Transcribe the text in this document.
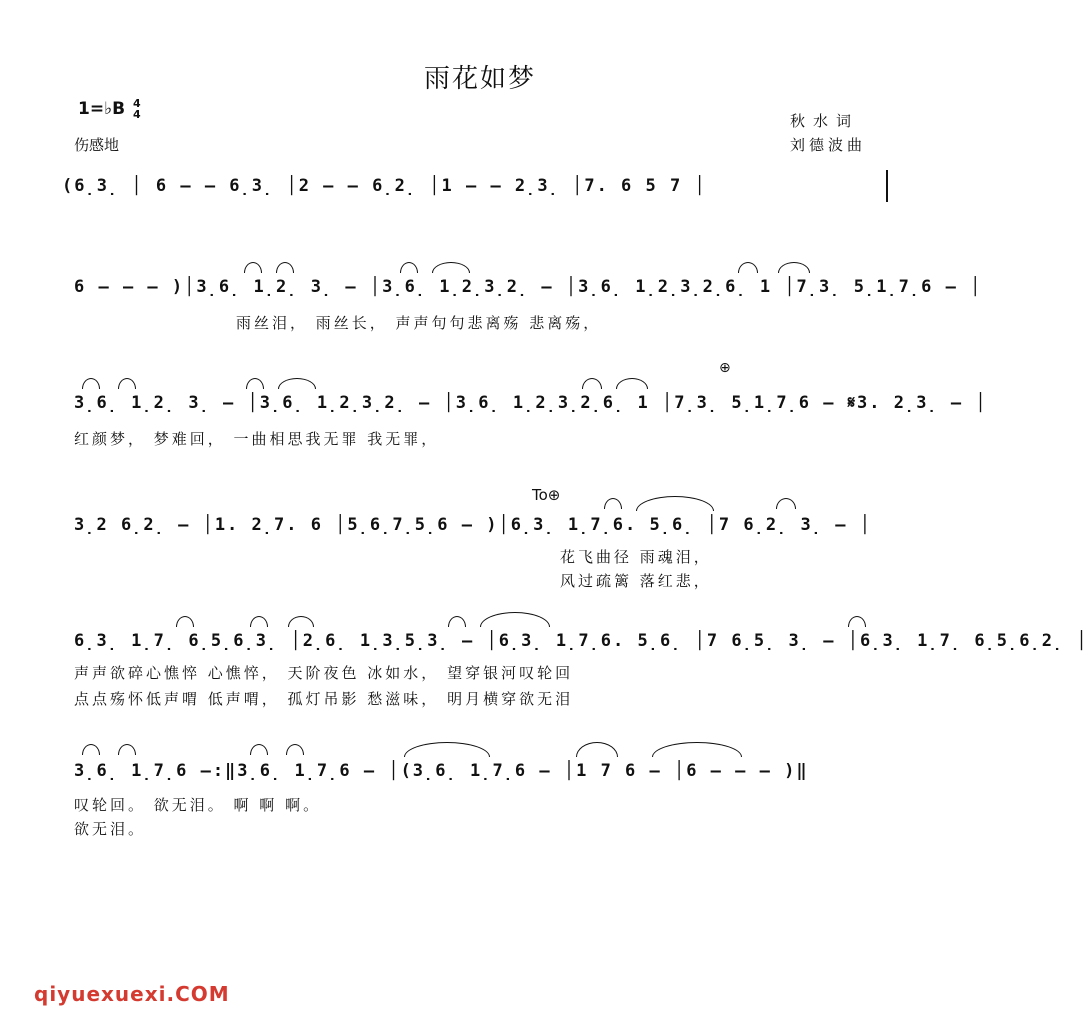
雨花如梦
1=♭B 4
4
伤感地
秋水词
刘德波曲
(6̣3̣ │ 6 – – 6̣3̣ │2 – – 6̣2̣ │1 – – 2̣3̣ │7. 6 5 7 │
6 – – – )│3̣6̣ 1̣2̣ 3̣ – │3̣6̣ 1̣2̣3̣2̣ – │3̣6̣ 1̣2̣3̣2̣6̣ 1 │7̣3̣ 5̣1̣7̣6 – │
雨丝泪， 雨丝长， 声声句句悲离殇 悲离殇，
3̣6̣ 1̣2̣ 3̣ – │3̣6̣ 1̣2̣3̣2̣ – │3̣6̣ 1̣2̣3̣2̣6̣ 1 │7̣3̣ 5̣1̣7̣6 – 𝄋3. 2̣3̣ – │
红颜梦， 梦难回， 一曲相思我无罪 我无罪，
⊕
3̣2 6̣2̣ – │1. 2̣7. 6 │5̣6̣7̣5̣6 – )│6̣3̣ 1̣7̣6. 5̣6̣ │7 6̣2̣ 3̣ – │
To⊕
花飞曲径 雨魂泪，
风过疏篱 落红悲，
6̣3̣ 1̣7̣ 6̣5̣6̣3̣ │2̣6̣ 1̣3̣5̣3̣ – │6̣3̣ 1̣7̣6. 5̣6̣ │7 6̣5̣ 3̣ – │6̣3̣ 1̣7̣ 6̣5̣6̣2̣ │
声声欲碎心憔悴 心憔悴， 天阶夜色 冰如水， 望穿银河叹轮回
点点殇怀低声喟 低声喟， 孤灯吊影 愁滋味， 明月横穿欲无泪
3̣6̣ 1̣7̣6 –:‖3̣6̣ 1̣7̣6 – │(3̣6̣ 1̣7̣6 – │1 7 6 – │6 – – – )‖
叹轮回。 欲无泪。 啊 啊 啊。
欲无泪。
qiyuexuexi.COM
